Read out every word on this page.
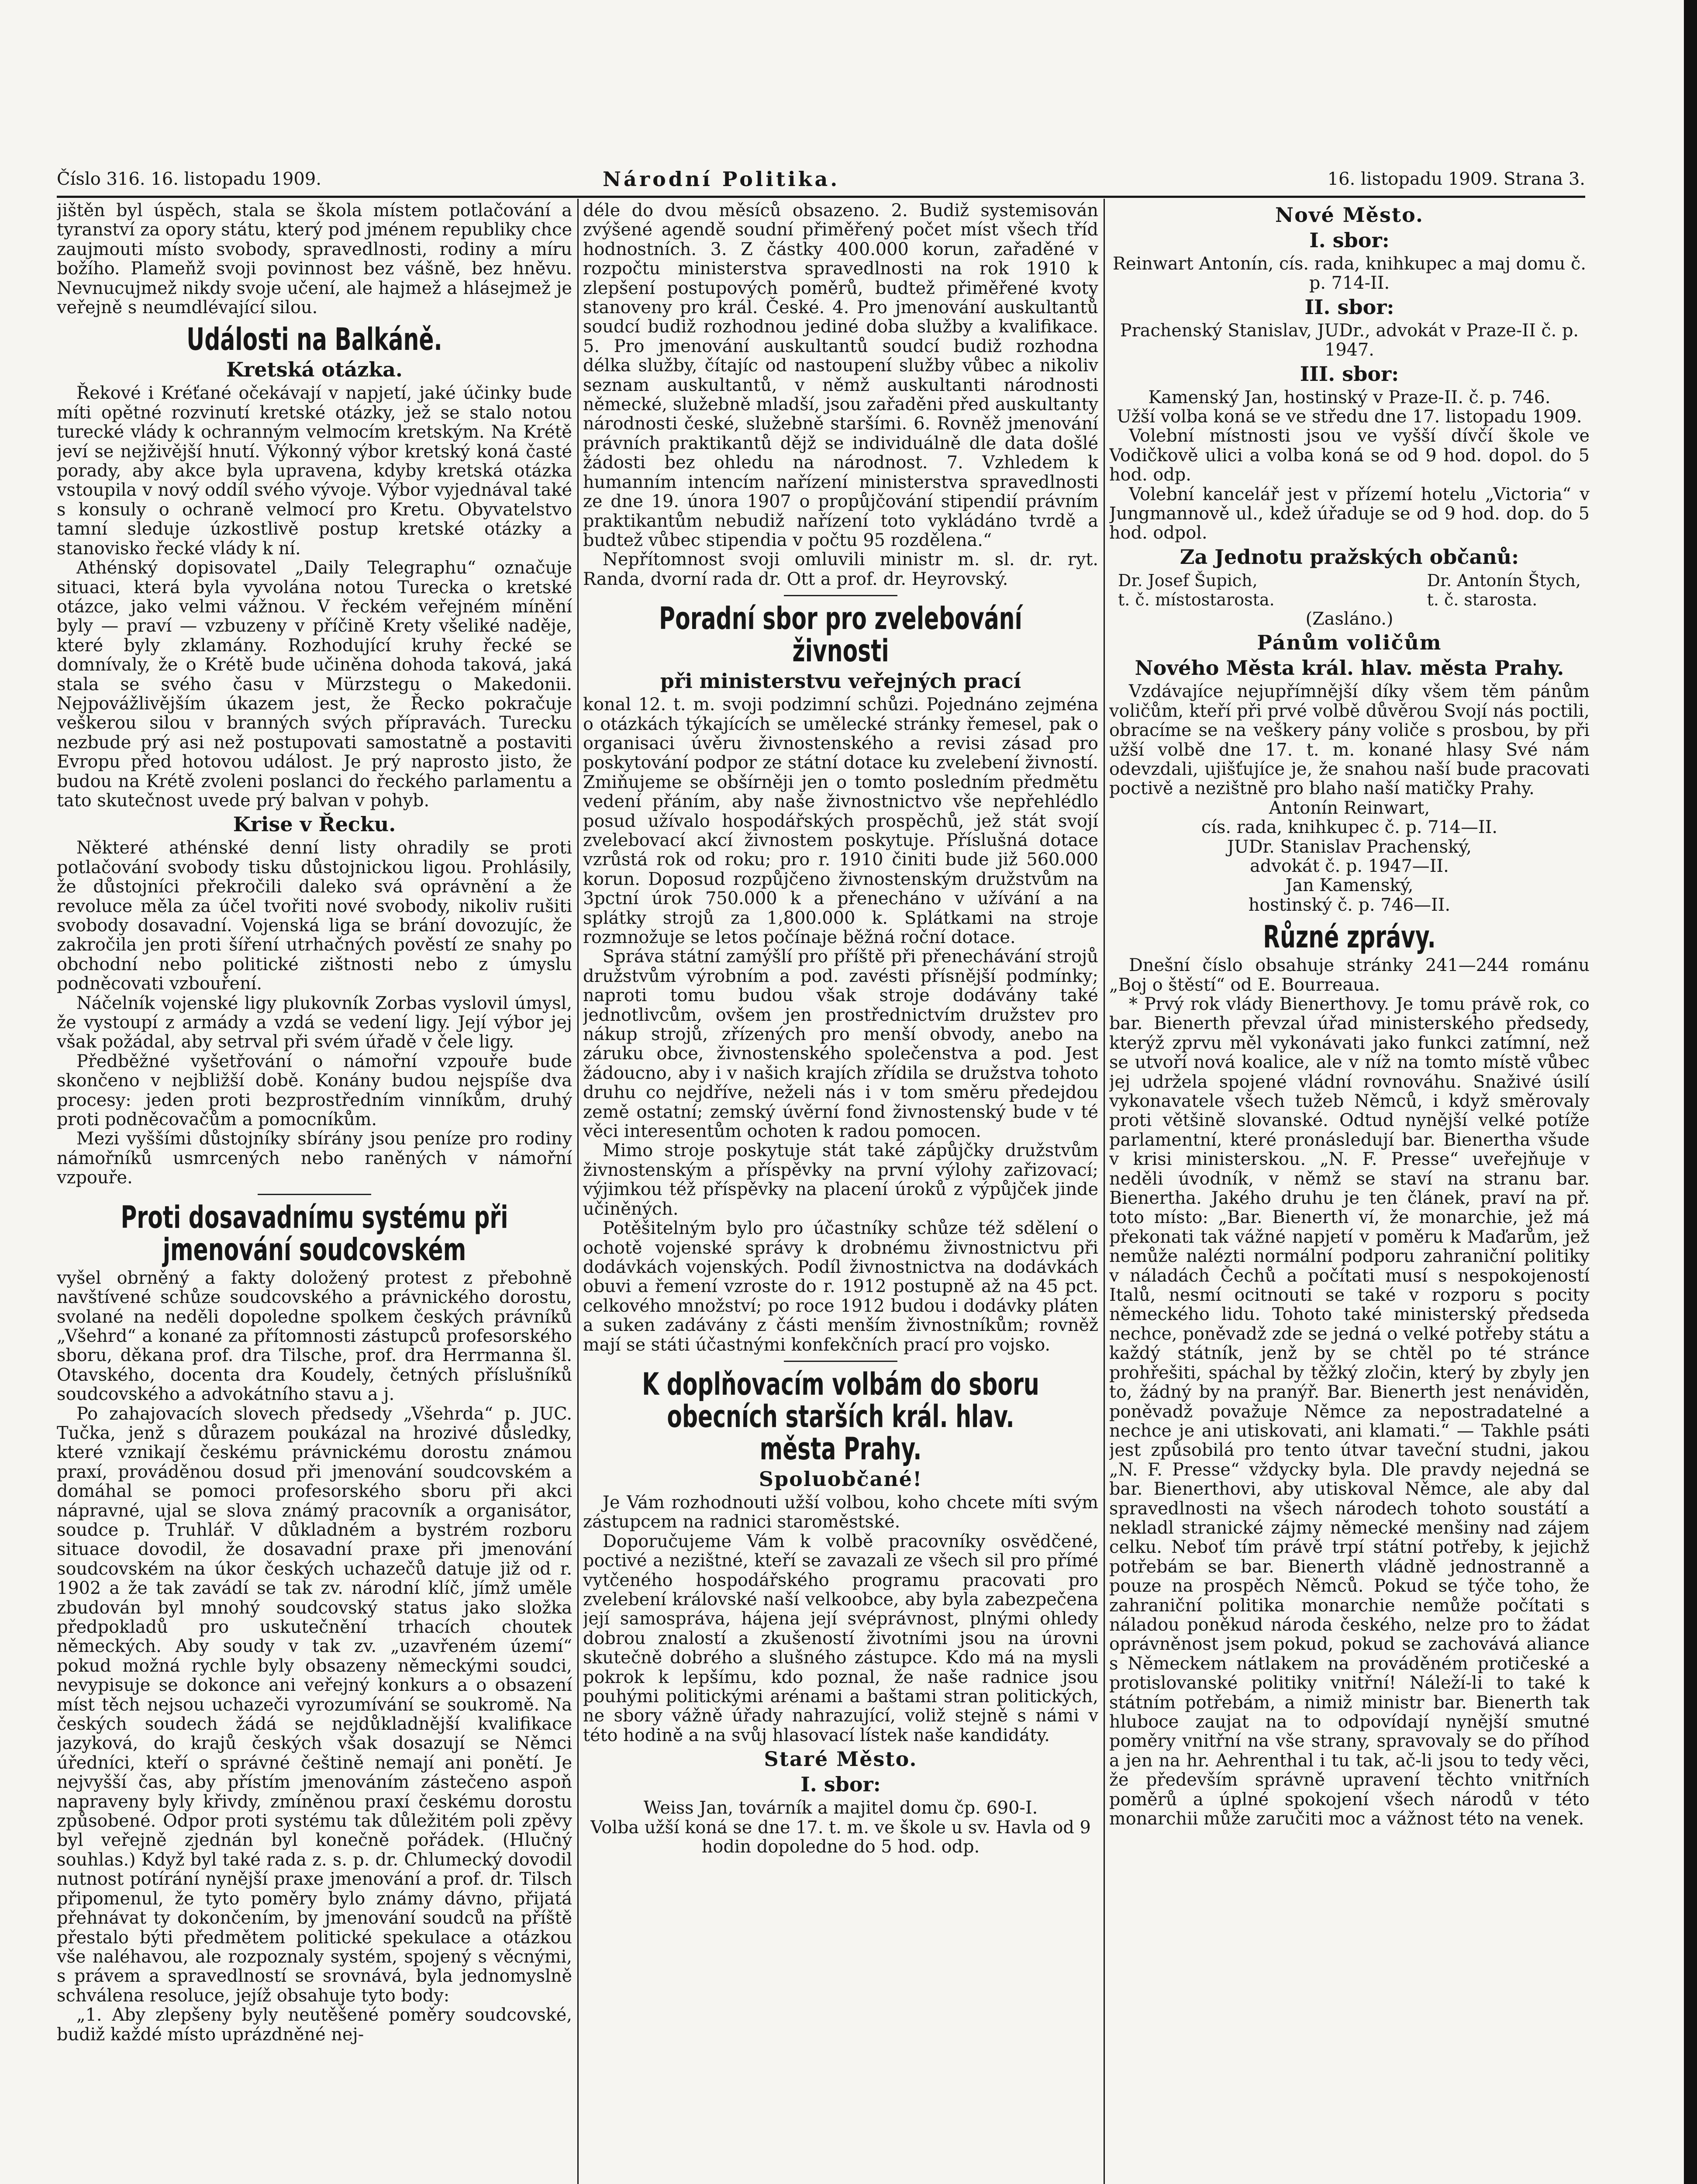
Číslo 316. 16. listopadu 1909.	Národní Politika.	16. listopadu 1909. Strana 3.

jištěn byl úspěch, stala se škola místem potlačování a tyranství za opory státu, který pod jménem republiky chce zaujmouti místo svobody, spravedlnosti, rodiny a míru božího. Plameňž svoji povinnost bez vášně, bez hněvu. Nevnucujmež nikdy svoje učení, ale hajmež a hlásejmež je veřejně s neumdlévající silou.

Události na Balkáně.
Kretská otázka.

Řekové i Kréťané očekávají v napjetí, jaké účinky bude míti opětné rozvinutí kretské otázky, jež se stalo notou turecké vlády k ochranným velmocím kretským. Na Krétě jeví se nejživější hnutí. Výkonný výbor kretský koná časté porady, aby akce byla upravena, kdyby kretská otázka vstoupila v nový oddíl svého vývoje. Výbor vyjednával také s konsuly o ochraně velmocí pro Kretu. Obyvatelstvo tamní sleduje úzkostlivě postup kretské otázky a stanovisko řecké vlády k ní.

Athénský dopisovatel „Daily Telegraphu“ označuje situaci, která byla vyvolána notou Turecka o kretské otázce, jako velmi vážnou. V řeckém veřejném mínění byly — praví — vzbuzeny v příčině Krety všeliké naděje, které byly zklamány. Rozhodující kruhy řecké se domnívaly, že o Krétě bude učiněna dohoda taková, jaká stala se svého času v Mürzstegu o Makedonii. Nejpovážlivějším úkazem jest, že Řecko pokračuje veškerou silou v branných svých přípravách. Turecku nezbude prý asi než postupovati samostatně a postaviti Evropu před hotovou událost. Je prý naprosto jisto, že budou na Krétě zvoleni poslanci do řeckého parlamentu a tato skutečnost uvede prý balvan v pohyb.

Krise v Řecku.

Některé athénské denní listy ohradily se proti potlačování svobody tisku důstojnickou ligou. Prohlásily, že důstojníci překročili daleko svá oprávnění a že revoluce měla za účel tvořiti nové svobody, nikoliv rušiti svobody dosavadní. Vojenská liga se brání dovozujíc, že zakročila jen proti šíření utrhačných pověstí ze snahy po obchodní nebo politické zištnosti nebo z úmyslu podněcovati vzbouření.

Náčelník vojenské ligy plukovník Zorbas vyslovil úmysl, že vystoupí z armády a vzdá se vedení ligy. Její výbor jej však požádal, aby setrval při svém úřadě v čele ligy.

Předběžné vyšetřování o námořní vzpouře bude skončeno v nejbližší době. Konány budou nejspíše dva procesy: jeden proti bezprostředním vinníkům, druhý proti podněcovačům a pomocníkům.

Mezi vyššími důstojníky sbírány jsou peníze pro rodiny námořníků usmrcených nebo raněných v námořní vzpouře.

Proti dosavadnímu systému při jmenování soudcovském

vyšel obrněný a fakty doložený protest z přebohně navštívené schůze soudcovského a právnického dorostu, svolané na neděli dopoledne spolkem českých právníků „Všehrd“ a konané za přítomnosti zástupců profesorského sboru, děkana prof. dra Tilsche, prof. dra Herrmanna šl. Otavského, docenta dra Koudely, četných příslušníků soudcovského a advokátního stavu a j.

Po zahajovacích slovech předsedy „Všehrda“ p. JUC. Tučka, jenž s důrazem poukázal na hrozivé důsledky, které vznikají českému právnickému dorostu známou praxí, prováděnou dosud při jmenování soudcovském a domáhal se pomoci profesorského sboru při akci nápravné, ujal se slova známý pracovník a organisátor, soudce p. Truhlář. V důkladném a bystrém rozboru situace dovodil, že dosavadní praxe při jmenování soudcovském na úkor českých uchazečů datuje již od r. 1902 a že tak zavádí se tak zv. národní klíč, jímž uměle zbudován byl mnohý soudcovský status jako složka předpokladů pro uskutečnění trhacích choutek německých. Aby soudy v tak zv. „uzavřeném území“ pokud možná rychle byly obsazeny německými soudci, nevypisuje se dokonce ani veřejný konkurs a o obsazení míst těch nejsou uchazeči vyrozumívání se soukromě. Na českých soudech žádá se nejdůkladnější kvalifikace jazyková, do krajů českých však dosazují se Němci úředníci, kteří o správné češtině nemají ani ponětí. Je nejvyšší čas, aby přístím jmenováním zástečeno aspoň napraveny byly křivdy, zmíněnou praxí českému dorostu způsobené. Odpor proti systému tak důležitém poli zpěvy byl veřejně zjednán byl konečně pořádek. (Hlučný souhlas.) Když byl také rada z. s. p. dr. Chlumecký dovodil nutnost potírání nynější praxe jmenování a prof. dr. Tilsch připomenul, že tyto poměry bylo známy dávno, přijatá přehnávat ty dokončením, by jmenování soudců na příště přestalo býti předmětem politické spekulace a otázkou vše naléhavou, ale rozpoznaly systém, spojený s věcnými, s právem a spravedlností se srovnává, byla jednomyslně schválena resoluce, jejíž obsahuje tyto body:

„1. Aby zlepšeny byly neutěšené poměry soudcovské, budiž každé místo uprázdněné nej-

déle do dvou měsíců obsazeno. 2. Budiž systemisován zvýšené agendě soudní přiměřený počet míst všech tříd hodnostních. 3. Z částky 400.000 korun, zařaděné v rozpočtu ministerstva spravedlnosti na rok 1910 k zlepšení postupových poměrů, budtež přiměřené kvoty stanoveny pro král. České. 4. Pro jmenování auskultantů soudcí budiž rozhodnou jediné doba služby a kvalifikace. 5. Pro jmenování auskultantů soudcí budiž rozhodna délka služby, čítajíc od nastoupení služby vůbec a nikoliv seznam auskultantů, v němž auskultanti národnosti německé, služebně mladší, jsou zařaděni před auskultanty národnosti české, služebně staršími. 6. Rovněž jmenování právních praktikantů dějž se individuálně dle data došlé žádosti bez ohledu na národnost. 7. Vzhledem k humanním intencím nařízení ministerstva spravedlnosti ze dne 19. února 1907 o propůjčování stipendií právním praktikantům nebudiž nařízení toto vykládáno tvrdě a budtež vůbec stipendia v počtu 95 rozdělena.“

Nepřítomnost svoji omluvili ministr m. sl. dr. ryt. Randa, dvorní rada dr. Ott a prof. dr. Heyrovský.

Poradní sbor pro zvelebování živnosti
při ministerstvu veřejných prací

konal 12. t. m. svoji podzimní schůzi. Pojednáno zejména o otázkách týkajících se umělecké stránky řemesel, pak o organisaci úvěru živnostenského a revisi zásad pro poskytování podpor ze státní dotace ku zvelebení živností. Zmiňujeme se obšírněji jen o tomto posledním předmětu vedení přáním, aby naše živnostnictvo vše nepřehlédlo posud užívalo hospodářských prospěchů, jež stát svojí zvelebovací akcí živnostem poskytuje. Příslušná dotace vzrůstá rok od roku; pro r. 1910 činiti bude již 560.000 korun. Doposud rozpůjčeno živnostenským družstvům na 3pctní úrok 750.000 k a přenecháno v užívání a na splátky strojů za 1,800.000 k. Splátkami na stroje rozmnožuje se letos počínaje běžná roční dotace.

Správa státní zamýšlí pro příště při přenechávání strojů družstvům výrobním a pod. zavésti přísnější podmínky; naproti tomu budou však stroje dodávány také jednotlivcům, ovšem jen prostřednictvím družstev pro nákup strojů, zřízených pro menší obvody, anebo na záruku obce, živnostenského společenstva a pod. Jest žádoucno, aby i v našich krajích zřídila se družstva tohoto druhu co nejdříve, neželi nás i v tom směru předejdou země ostatní; zemský úvěrní fond živnostenský bude v té věci interesentům ochoten k radou pomocen.

Mimo stroje poskytuje stát také zápůjčky družstvům živnostenským a příspěvky na první výlohy zařizovací; výjimkou též příspěvky na placení úroků z výpůjček jinde učiněných.

Potěšitelným bylo pro účastníky schůze též sdělení o ochotě vojenské správy k drobnému živnostnictvu při dodávkách vojenských. Podíl živnostnictva na dodávkách obuvi a řemení vzroste do r. 1912 postupně až na 45 pct. celkového množství; po roce 1912 budou i dodávky pláten a suken zadávány z části menším živnostníkům; rovněž mají se státi účastnými konfekčních prací pro vojsko.

K doplňovacím volbám do sboru obecních starších král. hlav. města Prahy.
Spoluobčané!

Je Vám rozhodnouti užší volbou, koho chcete míti svým zástupcem na radnici staroměstské.

Doporučujeme Vám k volbě pracovníky osvědčené, poctivé a nezištné, kteří se zavazali ze všech sil pro přímé vytčeného hospodářského programu pracovati pro zvelebení královské naší velkoobce, aby byla zabezpečena její samospráva, hájena její svéprávnost, plnými ohledy dobrou znalostí a zkušeností životními jsou na úrovni skutečně dobrého a slušného zástupce. Kdo má na mysli pokrok k lepšímu, kdo poznal, že naše radnice jsou pouhými politickými arénami a baštami stran politických, ne sbory vážně úřady nahrazující, voliž stejně s námi v této hodině a na svůj hlasovací lístek naše kandidáty.

Staré Město.
I. sbor:

Weiss Jan, továrník a majitel domu čp. 690-I.

Volba užší koná se dne 17. t. m. ve škole u sv. Havla od 9 hodin dopoledne do 5 hod. odp.

Nové Město.
I. sbor:

Reinwart Antonín, cís. rada, knihkupec a maj domu č. p. 714-II.

II. sbor:

Prachenský Stanislav, JUDr., advokát v Praze-II č. p. 1947.

III. sbor:

Kamenský Jan, hostinský v Praze-II. č. p. 746.

Užší volba koná se ve středu dne 17. listopadu 1909.

Volební místnosti jsou ve vyšší dívčí škole ve Vodičkově ulici a volba koná se od 9 hod. dopol. do 5 hod. odp.

Volební kancelář jest v přízemí hotelu „Victoria“ v Jungmannově ul., kdež úřaduje se od 9 hod. dop. do 5 hod. odpol.

Za Jednotu pražských občanů:
Dr. Josef Šupich,
t. č. místostarosta.
Dr. Antonín Štych,
t. č. starosta.

(Zasláno.)

Pánům voličům
Nového Města král. hlav. města Prahy.

Vzdávajíce nejupřímnější díky všem těm pánům voličům, kteří při prvé volbě důvěrou Svojí nás poctili, obracíme se na veškery pány voliče s prosbou, by při užší volbě dne 17. t. m. konané hlasy Své nám odevzdali, ujišťujíce je, že snahou naší bude pracovati poctivě a nezištně pro blaho naší matičky Prahy.

Antonín Reinwart,

cís. rada, knihkupec č. p. 714—II.

JUDr. Stanislav Prachenský,

advokát č. p. 1947—II.

Jan Kamenský,

hostinský č. p. 746—II.

Různé zprávy.

Dnešní číslo obsahuje stránky 241—244 románu „Boj o štěstí“ od E. Bourreaua.

* Prvý rok vlády Bienerthovy. Je tomu právě rok, co bar. Bienerth převzal úřad ministerského předsedy, kterýž zprvu měl vykonávati jako funkci zatímní, než se utvoří nová koalice, ale v níž na tomto místě vůbec jej udržela spojené vládní rovnováhu. Snaživé úsilí vykonavatele všech tužeb Němců, i když směrovaly proti většině slovanské. Odtud nynější velké potíže parlamentní, které pronásledují bar. Bienertha všude v krisi ministerskou. „N. F. Presse“ uveřejňuje v neděli úvodník, v němž se staví na stranu bar. Bienertha. Jakého druhu je ten článek, praví na př. toto místo: „Bar. Bienerth ví, že monarchie, jež má překonati tak vážné napjetí v poměru k Maďarům, jež nemůže nalézti normální podporu zahraniční politiky v náladách Čechů a počítati musí s nespokojeností Italů, nesmí ocitnouti se také v rozporu s pocity německého lidu. Tohoto také ministerský předseda nechce, poněvadž zde se jedná o velké potřeby státu a každý státník, jenž by se chtěl po té stránce prohřešiti, spáchal by těžký zločin, který by zbyly jen to, žádný by na pranýř. Bar. Bienerth jest nenáviděn, poněvadž považuje Němce za nepostradatelné a nechce je ani utiskovati, ani klamati.“ — Takhle psáti jest způsobilá pro tento útvar taveční studni, jakou „N. F. Presse“ vždycky byla. Dle pravdy nejedná se bar. Bienerthovi, aby utiskoval Němce, ale aby dal spravedlnosti na všech národech tohoto soustátí a nekladl stranické zájmy německé menšiny nad zájem celku. Neboť tím právě trpí státní potřeby, k jejichž potřebám se bar. Bienerth vládně jednostranně a pouze na prospěch Němců. Pokud se týče toho, že zahraniční politika monarchie nemůže počítati s náladou poněkud národa českého, nelze pro to žádat oprávněnost jsem pokud, pokud se zachovává aliance s Německem nátlakem na prováděném protičeské a protislovanské politiky vnitřní! Náleží-li to také k státním potřebám, a nimiž ministr bar. Bienerth tak hluboce zaujat na to odpovídají nynější smutné poměry vnitřní na vše strany, spravovaly se do příhod a jen na hr. Aehrenthal i tu tak, ač-li jsou to tedy věci, že především správně upravení těchto vnitřních poměrů a úplné spokojení všech národů v této monarchii může zaručiti moc a vážnost této na venek.
